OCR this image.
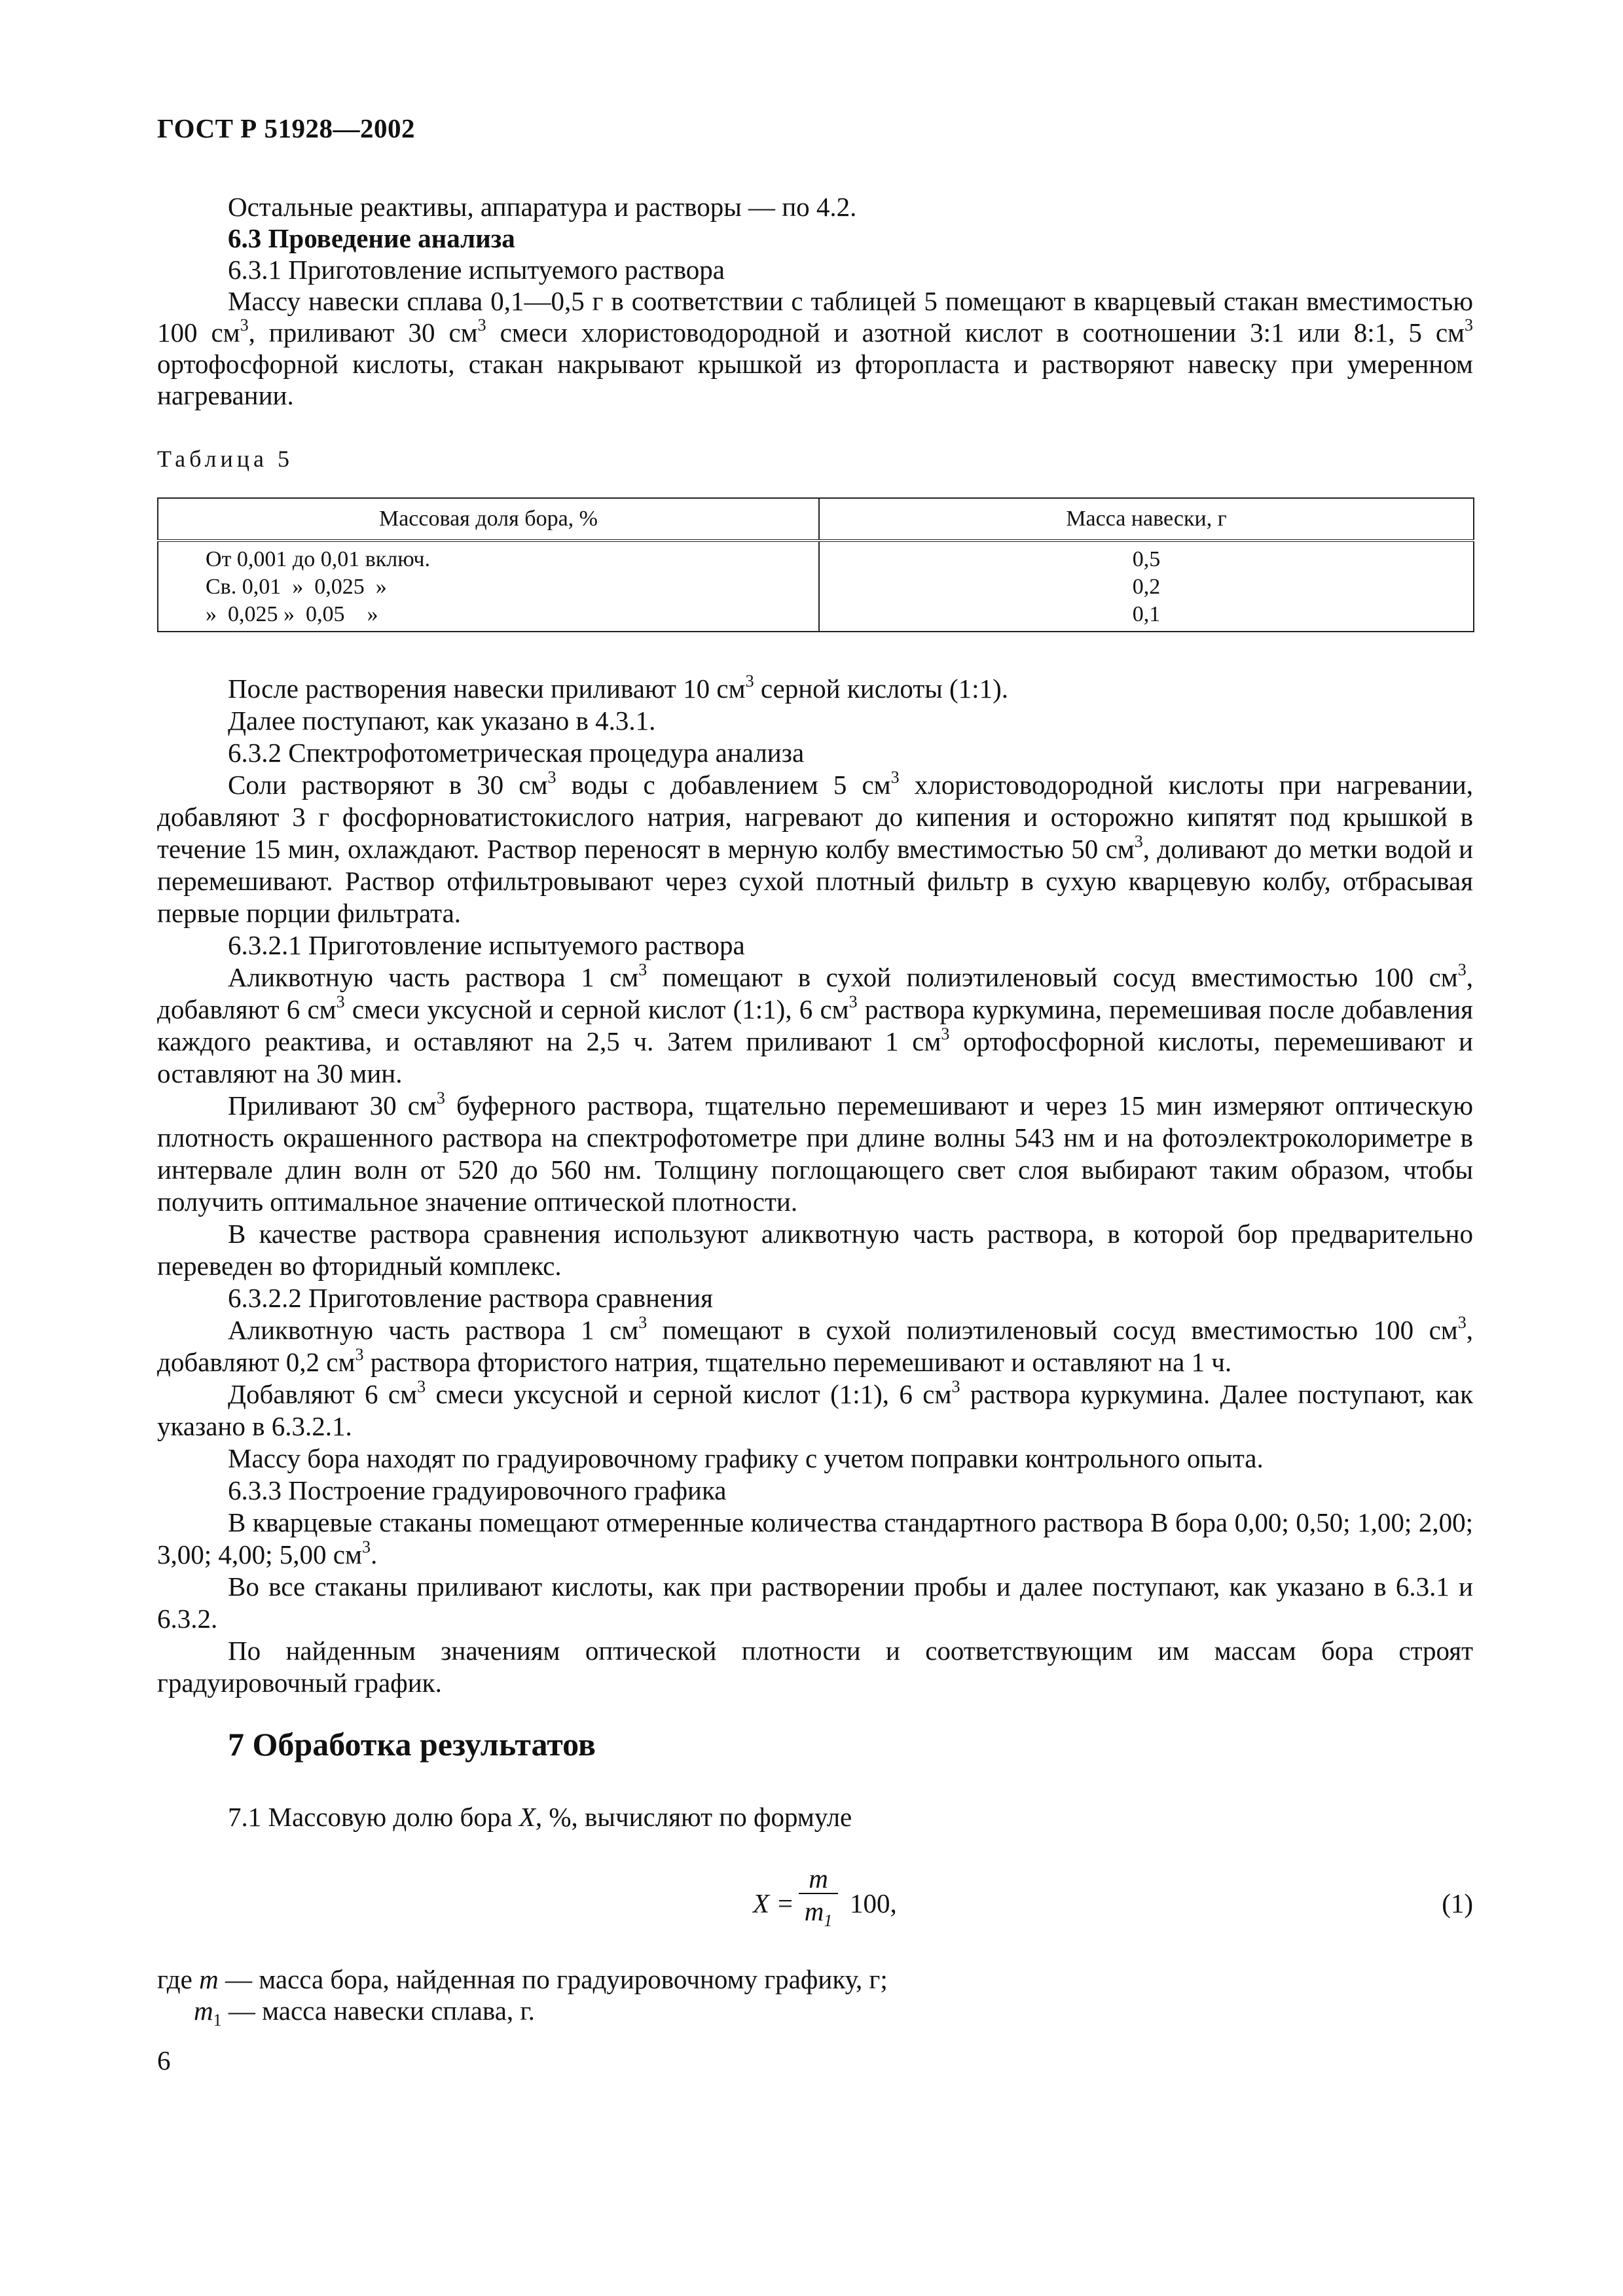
ГОСТ Р 51928—2002

Остальные реактивы, аппаратура и растворы — по 4.2.

6.3 Проведение анализа

6.3.1 Приготовление испытуемого раствора

Массу навески сплава 0,1—0,5 г в соответствии с таблицей 5 помещают в кварцевый стакан вместимостью 100 $см^3$, приливают 30 $см^3$ смеси хлористоводородной и азотной кислот в соотношении 3:1 или 8:1, 5 $см^3$ ортофосфорной кислоты, стакан накрывают крышкой из фторопласта и растворяют навеску при умеренном нагревании.

Таблица 5
Массовая доля бора, %	Масса навески, г
От 0,001 до 0,01 включ.	0,5
Св. 0,01  »  0,025  »	0,2
»  0,025 »  0,05    »	0,1

После растворения навески приливают 10 $см^3$ серной кислоты (1:1).

Далее поступают, как указано в 4.3.1.

6.3.2 Спектрофотометрическая процедура анализа

Соли растворяют в 30 $см^3$ воды с добавлением 5 $см^3$ хлористоводородной кислоты при нагревании, добавляют 3 г фосфорноватистокислого натрия, нагревают до кипения и осторожно кипятят под крышкой в течение 15 мин, охлаждают. Раствор переносят в мерную колбу вместимостью 50 $см^3$, доливают до метки водой и перемешивают. Раствор отфильтровывают через сухой плотный фильтр в сухую кварцевую колбу, отбрасывая первые порции фильтрата.

6.3.2.1 Приготовление испытуемого раствора

Аликвотную часть раствора 1 $см^3$ помещают в сухой полиэтиленовый сосуд вместимостью 100 $см^3$, добавляют 6 $см^3$ смеси уксусной и серной кислот (1:1), 6 $см^3$ раствора куркумина, перемешивая после добавления каждого реактива, и оставляют на 2,5 ч. Затем приливают 1 $см^3$ ортофосфорной кислоты, перемешивают и оставляют на 30 мин.

Приливают 30 $см^3$ буферного раствора, тщательно перемешивают и через 15 мин измеряют оптическую плотность окрашенного раствора на спектрофотометре при длине волны 543 нм и на фотоэлектроколориметре в интервале длин волн от 520 до 560 нм. Толщину поглощающего свет слоя выбирают таким образом, чтобы получить оптимальное значение оптической плотности.

В качестве раствора сравнения используют аликвотную часть раствора, в которой бор предварительно переведен во фторидный комплекс.

6.3.2.2 Приготовление раствора сравнения

Аликвотную часть раствора 1 $см^3$ помещают в сухой полиэтиленовый сосуд вместимостью 100 $см^3$, добавляют 0,2 $см^3$ раствора фтористого натрия, тщательно перемешивают и оставляют на 1 ч.

Добавляют 6 $см^3$ смеси уксусной и серной кислот (1:1), 6 $см^3$ раствора куркумина. Далее поступают, как указано в 6.3.2.1.

Массу бора находят по градуировочному графику с учетом поправки контрольного опыта.

6.3.3 Построение градуировочного графика

В кварцевые стаканы помещают отмеренные количества стандартного раствора В бора 0,00; 0,50; 1,00; 2,00; 3,00; 4,00; 5,00 $см^3$.

Во все стаканы приливают кислоты, как при растворении пробы и далее поступают, как указано в 6.3.1 и 6.3.2.

По найденным значениям оптической плотности и соответствующим им массам бора строят градуировочный график.

7 Обработка результатов
7.1 Массовую долю бора X, %, вычисляют по формуле
X =
m
$m_1$
100,	(1)

где m — масса бора, найденная по градуировочному графику, г;

$m_1$ — масса навески сплава, г.

6
